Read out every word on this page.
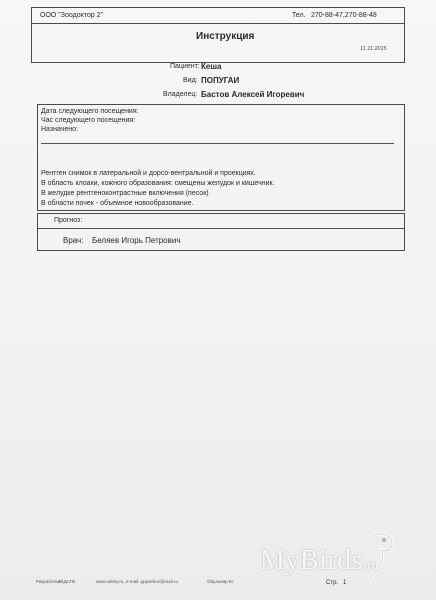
ООО "Зоодоктор 2"	Тел. 270-88-47,270-88-48
Инструкция
11.11.2015
Пациент: Кеша
Вид: ПОПУГАИ
Владелец: Бастов Алексей Игоревич
Дата следующего посещения:
Час следующего посещения:
Назначено:
Рентген снимок в латеральной и дорсо-вентральной и проекциях.
В область клоаки, кожного образования: смещены желудок и кишечник.
В желудке рентгеноконтрастные включения (песок)
В области почек - объемное новообразование.
Прогноз:
Врач: Беляев Игорь Петрович
Разработка:
АКДАГВ	www.vdsny.ru, e-mail: pppsekov@mail.ru	©Бульвар Кс	Стр. 1
MyBirds.ru
